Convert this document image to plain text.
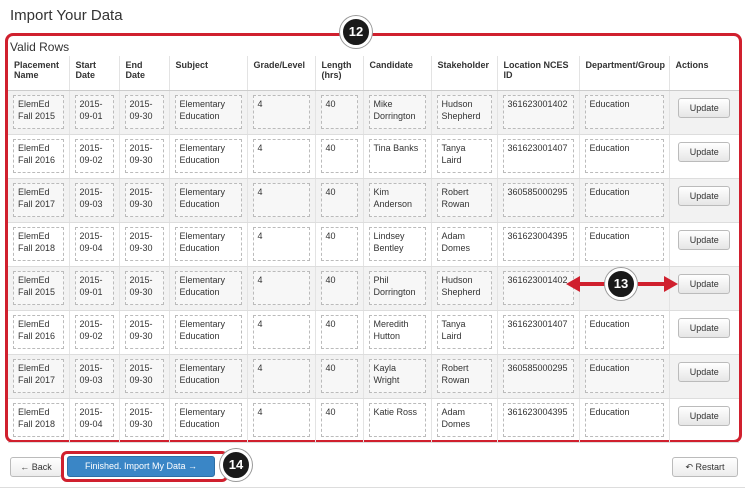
Import Your Data
Valid Rows
Placement Name	Start Date	End Date	Subject	Grade/Level	Length (hrs)	Candidate	Stakeholder	Location NCES ID	Department/Group	Actions

ElemEd Fall 2015	2015-09-01	2015-09-30	Elementary Education	4	40	Mike Dorrington	Hudson Shepherd	361623001402	Education	Update

ElemEd Fall 2016	2015-09-02	2015-09-30	Elementary Education	4	40	Tina Banks	Tanya Laird	361623001407	Education	Update

ElemEd Fall 2017	2015-09-03	2015-09-30	Elementary Education	4	40	Kim Anderson	Robert Rowan	360585000295	Education	Update

ElemEd Fall 2018	2015-09-04	2015-09-30	Elementary Education	4	40	Lindsey Bentley	Adam Domes	361623004395	Education	Update

ElemEd Fall 2015	2015-09-01	2015-09-30	Elementary Education	4	40	Phil Dorrington	Hudson Shepherd	361623001402		Update

ElemEd Fall 2016	2015-09-02	2015-09-30	Elementary Education	4	40	Meredith Hutton	Tanya Laird	361623001407	Education	Update

ElemEd Fall 2017	2015-09-03	2015-09-30	Elementary Education	4	40	Kayla Wright	Robert Rowan	360585000295	Education	Update

ElemEd Fall 2018	2015-09-04	2015-09-30	Elementary Education	4	40	Katie Ross	Adam Domes	361623004395	Education	Update
12
13
← Back	Finished. Import My Data →	14	↶ Restart
